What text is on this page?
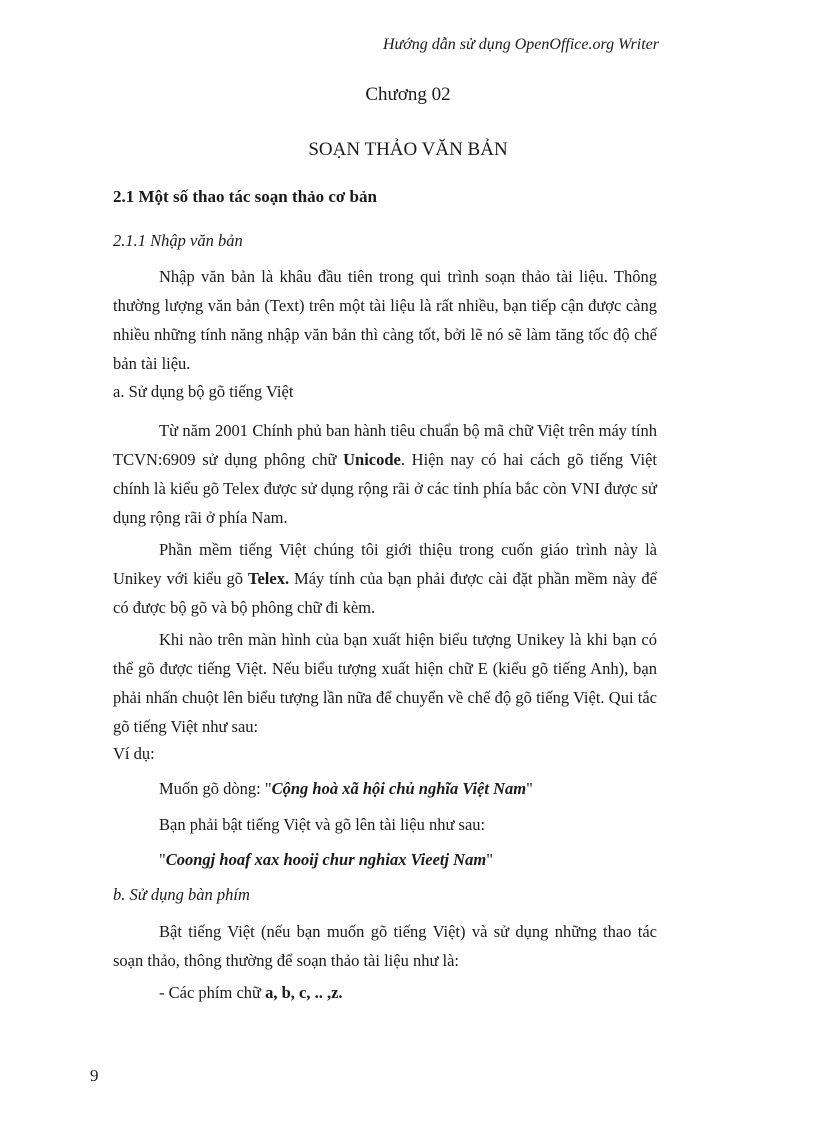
Hướng dẫn sử dụng OpenOffice.org Writer

Chương 02

SOẠN THẢO VĂN BẢN

2.1 Một số thao tác soạn thảo cơ bản

2.1.1 Nhập văn bản

Nhập văn bản là khâu đầu tiên trong qui trình soạn thảo tài liệu. Thông thường lượng văn bản (Text) trên một tài liệu là rất nhiều, bạn tiếp cận được càng nhiều những tính năng nhập văn bản thì càng tốt, bởi lẽ nó sẽ làm tăng tốc độ chế bản tài liệu.

a. Sử dụng bộ gõ tiếng Việt

Từ năm 2001 Chính phủ ban hành tiêu chuẩn bộ mã chữ Việt trên máy tính TCVN:6909 sử dụng phông chữ Unicode. Hiện nay có hai cách gõ tiếng Việt chính là kiểu gõ Telex được sử dụng rộng rãi ở các tỉnh phía bắc còn VNI được sử dụng rộng rãi ở phía Nam.

Phần mềm tiếng Việt chúng tôi giới thiệu trong cuốn giáo trình này là Unikey với kiểu gõ Telex. Máy tính của bạn phải được cài đặt phần mềm này để có được bộ gõ và bộ phông chữ đi kèm.

Khi nào trên màn hình của bạn xuất hiện biểu tượng Unikey là khi bạn có thể gõ được tiếng Việt. Nếu biểu tượng xuất hiện chữ E (kiểu gõ tiếng Anh), bạn phải nhấn chuột lên biểu tượng lần nữa để chuyển về chế độ gõ tiếng Việt. Qui tắc gõ tiếng Việt như sau:

Ví dụ:

Muốn gõ dòng: "Cộng hoà xã hội chủ nghĩa Việt Nam"

Bạn phải bật tiếng Việt và gõ lên tài liệu như sau:

"Coongj hoaf xax hooij chur nghiax Vieetj Nam"

b. Sử dụng bàn phím

Bật tiếng Việt (nếu bạn muốn gõ tiếng Việt) và sử dụng những thao tác soạn thảo, thông thường để soạn thảo tài liệu như là:

- Các phím chữ a, b, c, .. ,z.

9
